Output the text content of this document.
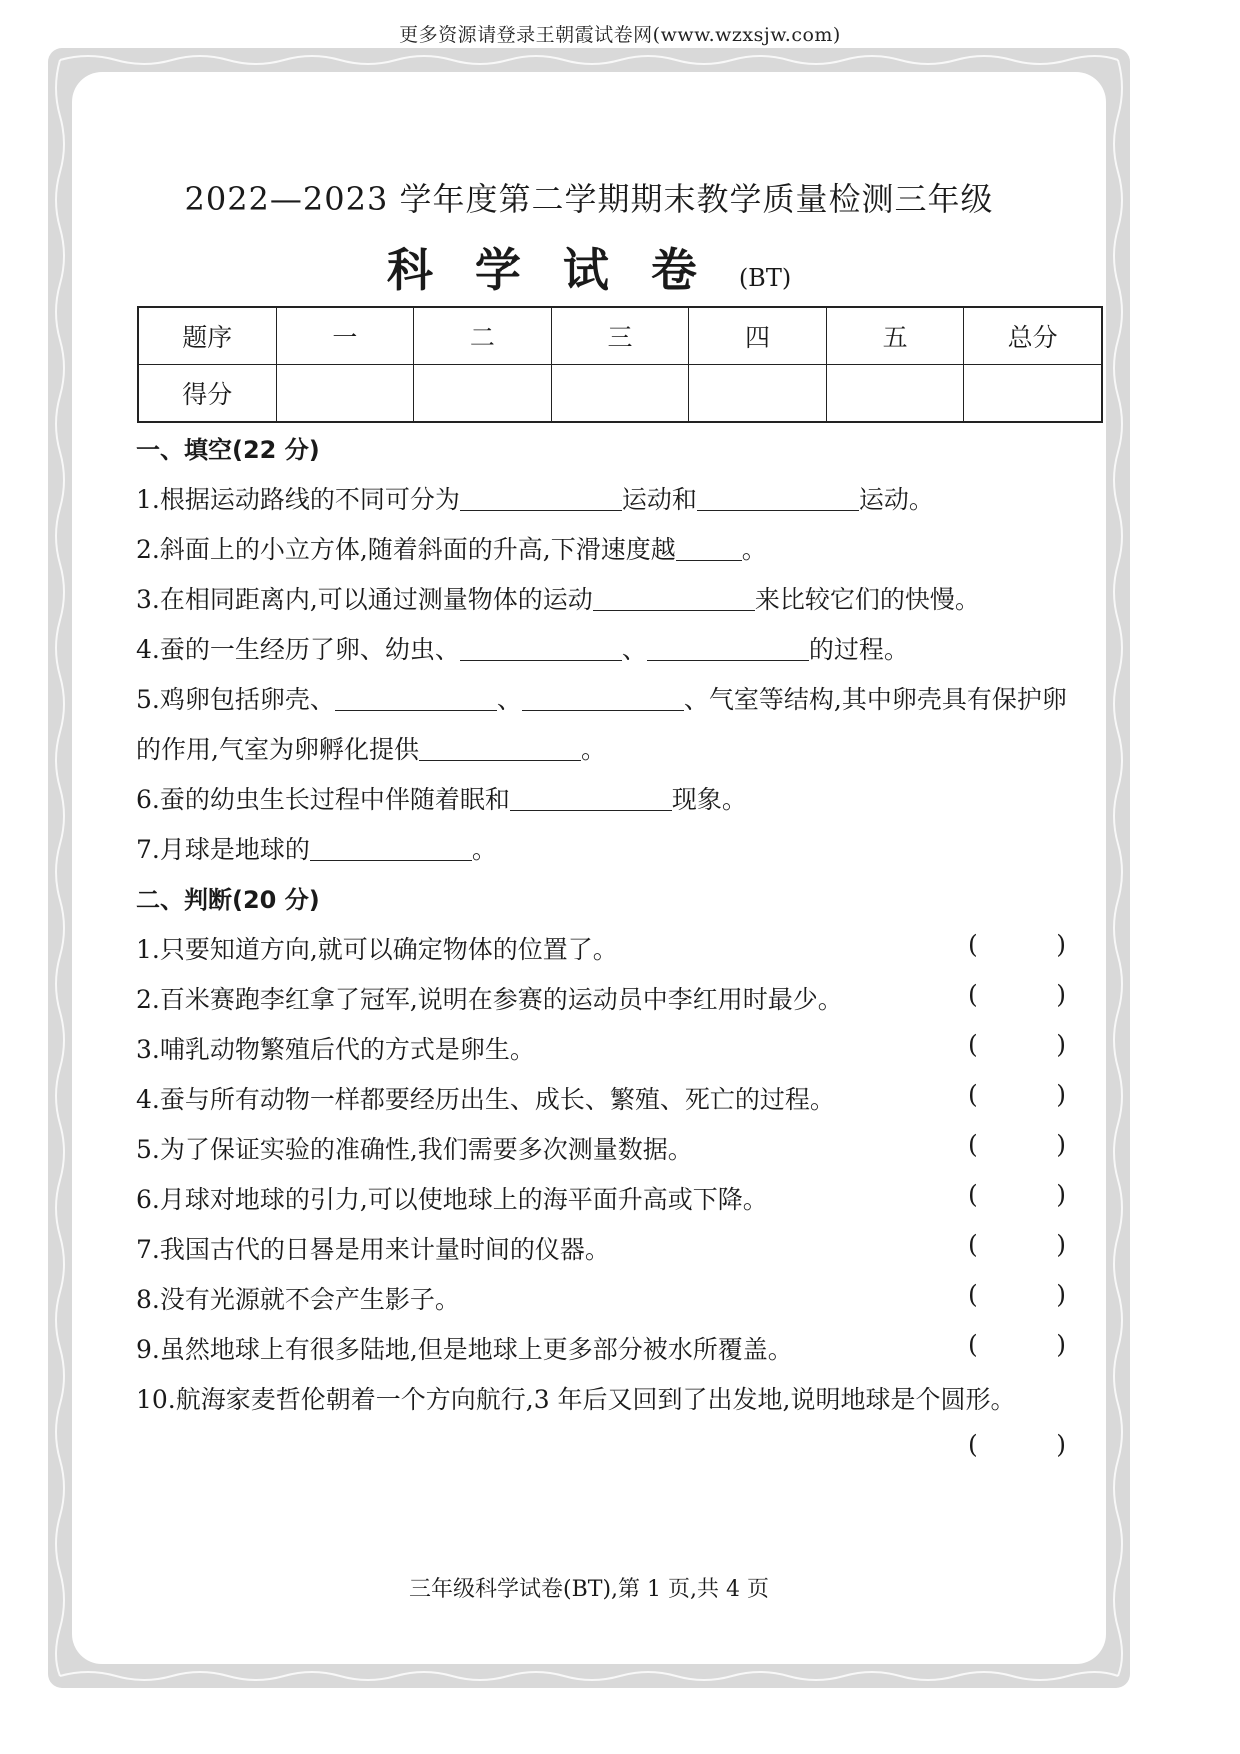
更多资源请登录王朝霞试卷网(www.wzxsjw.com)
2022—2023 学年度第二学期期末教学质量检测三年级
科学试卷(BT)
题序	一	二	三	四	五	总分
得分						
一、填空(22 分)
1.根据运动路线的不同可分为	运动和	运动。
2.斜面上的小立方体,随着斜面的升高,下滑速度越	。
3.在相同距离内,可以通过测量物体的运动	来比较它们的快慢。
4.蚕的一生经历了卵、幼虫、	、	的过程。
5.鸡卵包括卵壳、	、	、气室等结构,其中卵壳具有保护卵
的作用,气室为卵孵化提供	。
6.蚕的幼虫生长过程中伴随着眠和	现象。
7.月球是地球的	。
二、判断(20 分)
1.只要知道方向,就可以确定物体的位置了。	(	)
2.百米赛跑李红拿了冠军,说明在参赛的运动员中李红用时最少。	(	)
3.哺乳动物繁殖后代的方式是卵生。	(	)
4.蚕与所有动物一样都要经历出生、成长、繁殖、死亡的过程。	(	)
5.为了保证实验的准确性,我们需要多次测量数据。	(	)
6.月球对地球的引力,可以使地球上的海平面升高或下降。	(	)
7.我国古代的日晷是用来计量时间的仪器。	(	)
8.没有光源就不会产生影子。	(	)
9.虽然地球上有很多陆地,但是地球上更多部分被水所覆盖。	(	)
10.航海家麦哲伦朝着一个方向航行,3 年后又回到了出发地,说明地球是个圆形。
(	)
三年级科学试卷(BT),第 1 页,共 4 页
